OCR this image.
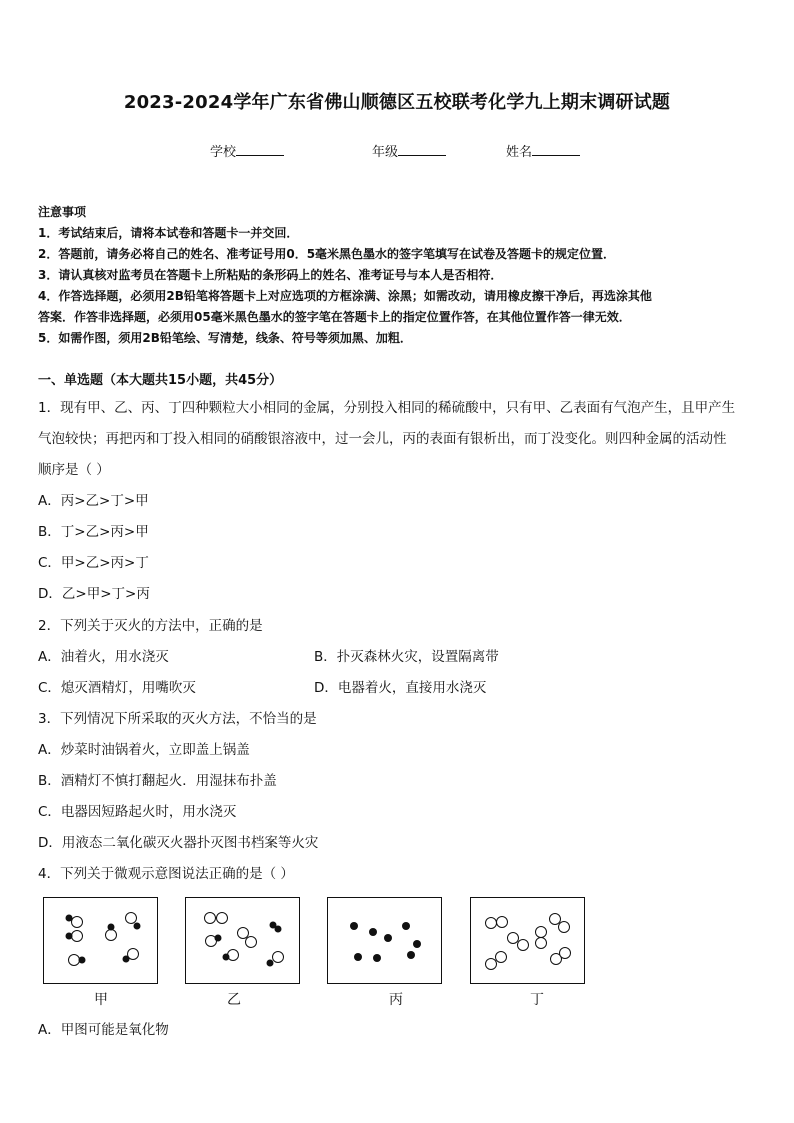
2023-2024学年广东省佛山顺德区五校联考化学九上期末调研试题
学校	年级	姓名
注意事项
1．考试结束后，请将本试卷和答题卡一并交回．
2．答题前，请务必将自己的姓名、准考证号用0．5毫米黑色墨水的签字笔填写在试卷及答题卡的规定位置．
3．请认真核对监考员在答题卡上所粘贴的条形码上的姓名、准考证号与本人是否相符．
4．作答选择题，必须用2B铅笔将答题卡上对应选项的方框涂满、涂黑；如需改动，请用橡皮擦干净后，再选涂其他
答案．作答非选择题，必须用05毫米黑色墨水的签字笔在答题卡上的指定位置作答，在其他位置作答一律无效．
5．如需作图，须用2B铅笔绘、写清楚，线条、符号等须加黑、加粗．
一、单选题（本大题共15小题，共45分）
1．现有甲、乙、丙、丁四种颗粒大小相同的金属，分别投入相同的稀硫酸中，只有甲、乙表面有气泡产生，且甲产生
气泡较快；再把丙和丁投入相同的硝酸银溶液中，过一会儿，丙的表面有银析出，而丁没变化。则四种金属的活动性
顺序是（ ）
A．丙>乙>丁>甲
B．丁>乙>丙>甲
C．甲>乙>丙>丁
D．乙>甲>丁>丙
2．下列关于灭火的方法中，正确的是
A．油着火，用水浇灭	B．扑灭森林火灾，设置隔离带
C．熄灭酒精灯，用嘴吹灭	D．电器着火，直接用水浇灭
3．下列情况下所采取的灭火方法，不恰当的是
A．炒菜时油锅着火，立即盖上锅盖
B．酒精灯不慎打翻起火．用湿抹布扑盖
C．电器因短路起火时，用水浇灭
D．用液态二氧化碳灭火器扑灭图书档案等火灾
4．下列关于微观示意图说法正确的是（ ）
甲	乙	丙	丁
A．甲图可能是氧化物
